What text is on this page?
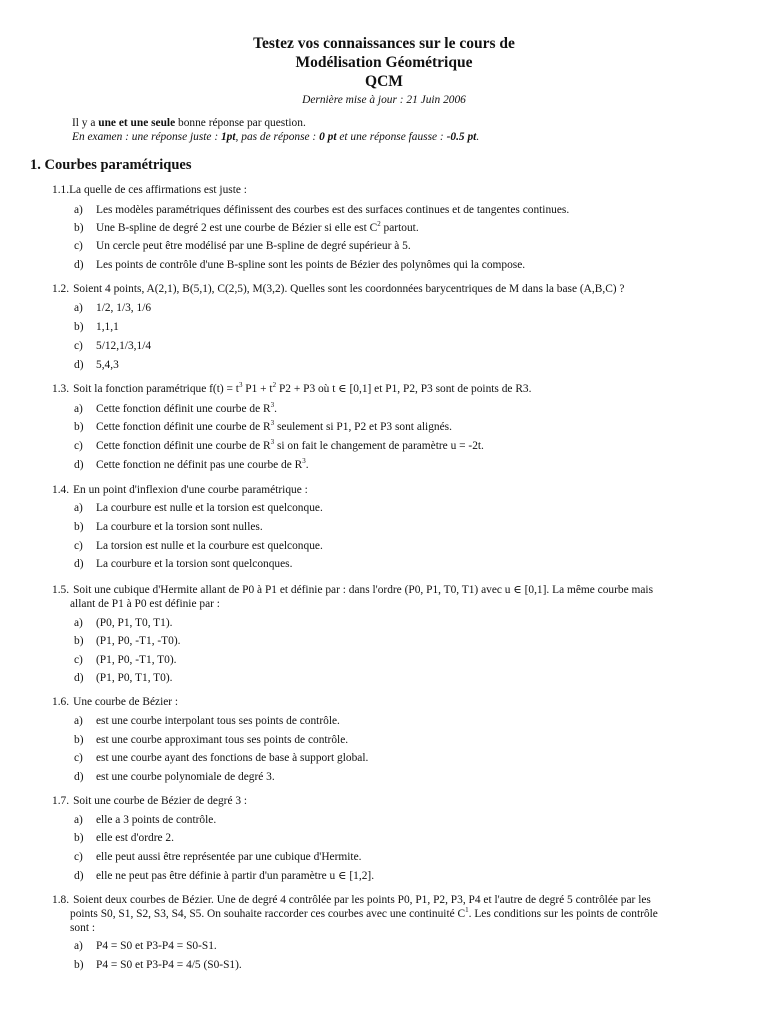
Testez vos connaissances sur le cours de
Modélisation Géométrique
QCM
Dernière mise à jour : 21 Juin 2006
Il y a une et une seule bonne réponse par question.
En examen : une réponse juste : 1pt, pas de réponse : 0 pt et une réponse fausse : -0.5 pt.
1. Courbes paramétriques
1.1.La quelle de ces affirmations est juste :
a) Les modèles paramétriques définissent des courbes est des surfaces continues et de tangentes continues.
b) Une B-spline de degré 2 est une courbe de Bézier si elle est $C^2$ partout.
c) Un cercle peut être modélisé par une B-spline de degré supérieur à 5.
d) Les points de contrôle d'une B-spline sont les points de Bézier des polynômes qui la compose.
1.2. Soient 4 points, A(2,1), B(5,1), C(2,5), M(3,2). Quelles sont les coordonnées barycentriques de M dans la base (A,B,C) ?
a) 1/2, 1/3, 1/6
b) 1,1,1
c) 5/12,1/3,1/4
d) 5,4,3
1.3. Soit la fonction paramétrique $f(t) = t^3$ $P1 + t^2$ P2 + P3 où t ∈ [0,1] et P1, P2, P3 sont de points de R3.
a) Cette fonction définit une courbe de $R^3$.
b) Cette fonction définit une courbe de $R^3$ seulement si P1, P2 et P3 sont alignés.
c) Cette fonction définit une courbe de $R^3$ si on fait le changement de paramètre u = -2t.
d) Cette fonction ne définit pas une courbe de $R^3$.
1.4. En un point d'inflexion d'une courbe paramétrique :
a) La courbure est nulle et la torsion est quelconque.
b) La courbure et la torsion sont nulles.
c) La torsion est nulle et la courbure est quelconque.
d) La courbure et la torsion sont quelconques.
1.5. Soit une cubique d'Hermite allant de P0 à P1 et définie par : dans l'ordre (P0, P1, T0, T1) avec u ∈ [0,1]. La même courbe mais
allant de P1 à P0 est définie par :
a) (P0, P1, T0, T1).
b) (P1, P0, -T1, -T0).
c) (P1, P0, -T1, T0).
d) (P1, P0, T1, T0).
1.6. Une courbe de Bézier :
a) est une courbe interpolant tous ses points de contrôle.
b) est une courbe approximant tous ses points de contrôle.
c) est une courbe ayant des fonctions de base à support global.
d) est une courbe polynomiale de degré 3.
1.7. Soit une courbe de Bézier de degré 3 :
a) elle a 3 points de contrôle.
b) elle est d'ordre 2.
c) elle peut aussi être représentée par une cubique d'Hermite.
d) elle ne peut pas être définie à partir d'un paramètre u ∈ [1,2].
1.8. Soient deux courbes de Bézier. Une de degré 4 contrôlée par les points P0, P1, P2, P3, P4 et l'autre de degré 5 contrôlée par les
points S0, S1, S2, S3, S4, S5. On souhaite raccorder ces courbes avec une continuité $C^1$. Les conditions sur les points de contrôle
sont :
a) P4 = S0 et P3-P4 = S0-S1.
b) P4 = S0 et P3-P4 = 4/5 (S0-S1).
